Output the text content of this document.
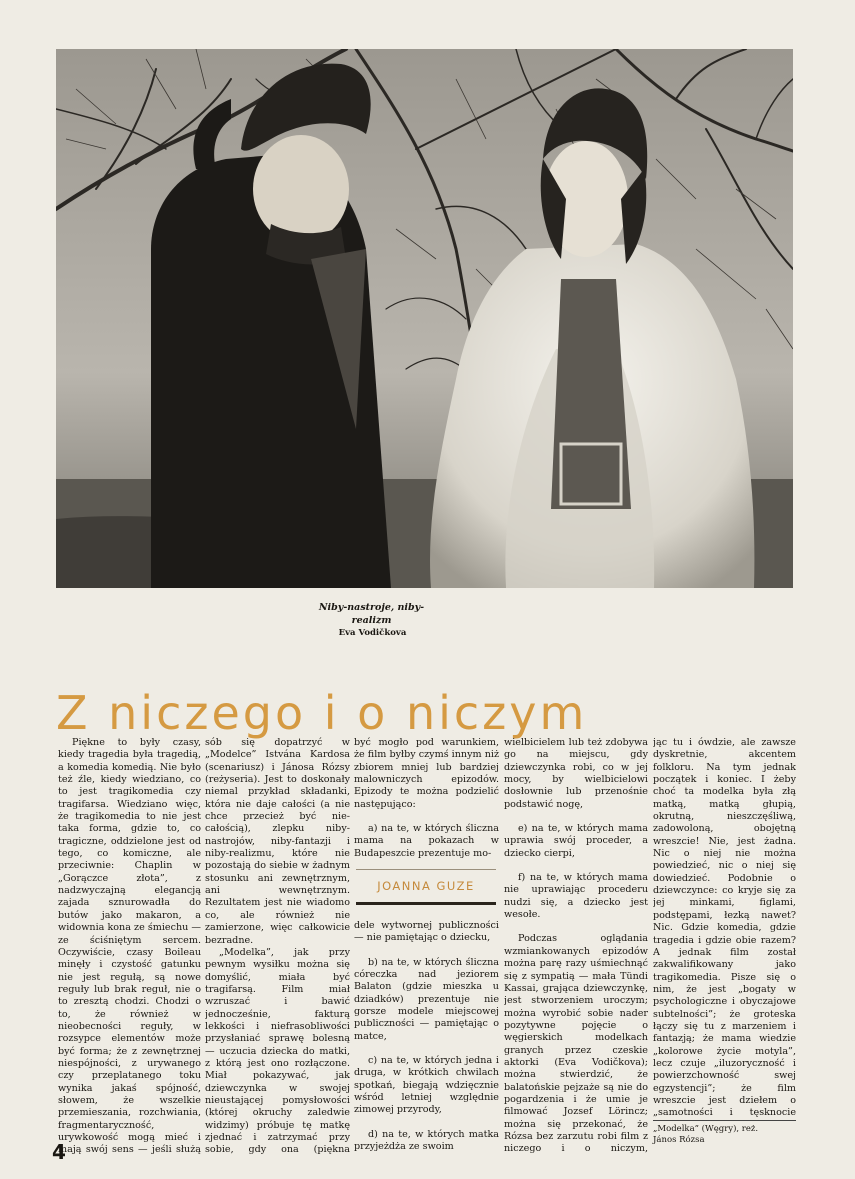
Niby-nastroje, niby-realizm
Eva Vodičkova
Z niczego i o niczym

Piękne to były czasy, kiedy tragedia była tragedią, a komedia komedią. Nie było też źle, kiedy wiedziano, co to jest tragikomedia czy tragifarsa. Wiedziano więc, że tragikomedia to nie jest taka forma, gdzie to, co tragiczne, oddzielone jest od tego, co komiczne, ale przeciwnie: Chaplin w „Gorączce złota”, z nadzwyczajną elegancją zajada sznurowadła do butów jako makaron, a widownia kona ze śmiechu — ze ściśniętym sercem. Oczywiście, czasy Boileau minęły i czystość gatunku nie jest regułą, są nowe reguły lub brak reguł, nie o to zresztą chodzi. Chodzi o to, że również w nieobecności reguły, w rozsypce elementów może być forma; że z zewnętrznej niespójności, z urywanego czy przeplatanego toku wynika jakaś spójność, słowem, że wszelkie przemieszania, rozchwiania, fragmentaryczność, urywkowość mogą mieć i mają swój sens — jeśli służą

sób się dopatrzyć w „Modelce” Istvána Kardosa (scenariusz) i Jánosa Rózsy (reżyseria). Jest to doskonały niemal przykład składanki, która nie daje całości (a nie chce przecież być nie-całością), zlepku niby-nastrojów, niby-fantazji i niby-realizmu, które nie pozostają do siebie w żadnym stosunku ani zewnętrznym, ani wewnętrznym. Rezultatem jest nie wiadomo co, ale również nie zamierzone, więc całkowicie bezradne.

„Modelka”, jak przy pewnym wysiłku można się domyślić, miała być tragifarsą. Film miał wzruszać i bawić jednocześnie, fakturą lekkości i niefrasobliwości przysłaniać sprawę bolesną — uczucia dziecka do matki, z którą jest ono rozłączone. Miał pokazywać, jak dziewczynka w swojej nieustającej pomysłowości (której okruchy zaledwie widzimy) próbuje tę matkę zjednać i zatrzymać przy sobie, gdy ona (piękna

być mogło pod warunkiem, że film byłby czymś innym niż zbiorem mniej lub bardziej malowniczych epizodów. Epizody te można podzielić następująco:

a) na te, w których śliczna mama na pokazach w Budapeszcie prezentuje mo-

JOANNA GUZE

dele wytwornej publiczności — nie pamiętając o dziecku,

b) na te, w których śliczna córeczka nad jeziorem Balaton (gdzie mieszka u dziadków) prezentuje nie gorsze modele miejscowej publiczności — pamiętając o matce,

c) na te, w których jedna i druga, w krótkich chwilach spotkań, biegają wdzięcznie wśród letniej względnie zimowej przyrody,

d) na te, w których matka przyjeżdża ze swoim

wielbicielem lub też zdobywa go na miejscu, gdy dziewczynka robi, co w jej mocy, by wielbicielowi dosłownie lub przenośnie podstawić nogę,

e) na te, w których mama uprawia swój proceder, a dziecko cierpi,

f) na te, w których mama nie uprawiając procederu nudzi się, a dziecko jest wesołe.

Podczas oglądania wzmiankowanych epizodów można parę razy uśmiechnąć się z sympatią — mała Tündi Kassai, grająca dziewczynkę, jest stworzeniem uroczym; można wyrobić sobie nader pozytywne pojęcie o węgierskich modelkach granych przez czeskie aktorki (Eva Vodičkova); można stwierdzić, że balatońskie pejzaże są nie do pogardzenia i że umie je filmować Jozsef Lörincz; można się przekonać, że Rózsa bez zarzutu robi film z niczego i o niczym,

jąc tu i ówdzie, ale zawsze dyskretnie, akcentem folkloru. Na tym jednak początek i koniec. I żeby choć ta modelka była złą matką, matką głupią, okrutną, nieszczęśliwą, zadowoloną, obojętną wreszcie! Nie, jest żadna. Nic o niej nie można powiedzieć, nic o niej się dowiedzieć. Podobnie o dziewczynce: co kryje się za jej minkami, figlami, podstępami, łezką nawet? Nic. Gdzie komedia, gdzie tragedia i gdzie obie razem? A jednak film został zakwalifikowany jako tragikomedia. Pisze się o nim, że jest „bogaty w psychologiczne i obyczajowe subtelności”; że groteska łączy się tu z marzeniem i fantazją; że mama wiedzie „kolorowe życie motyla”, lecz czuje „iluzoryczność i powierzchowność swej egzystencji”; że film wreszcie jest dziełem o „samotności i tęsknocie

„Modelka” (Węgry), reż.
János Rózsa
4
